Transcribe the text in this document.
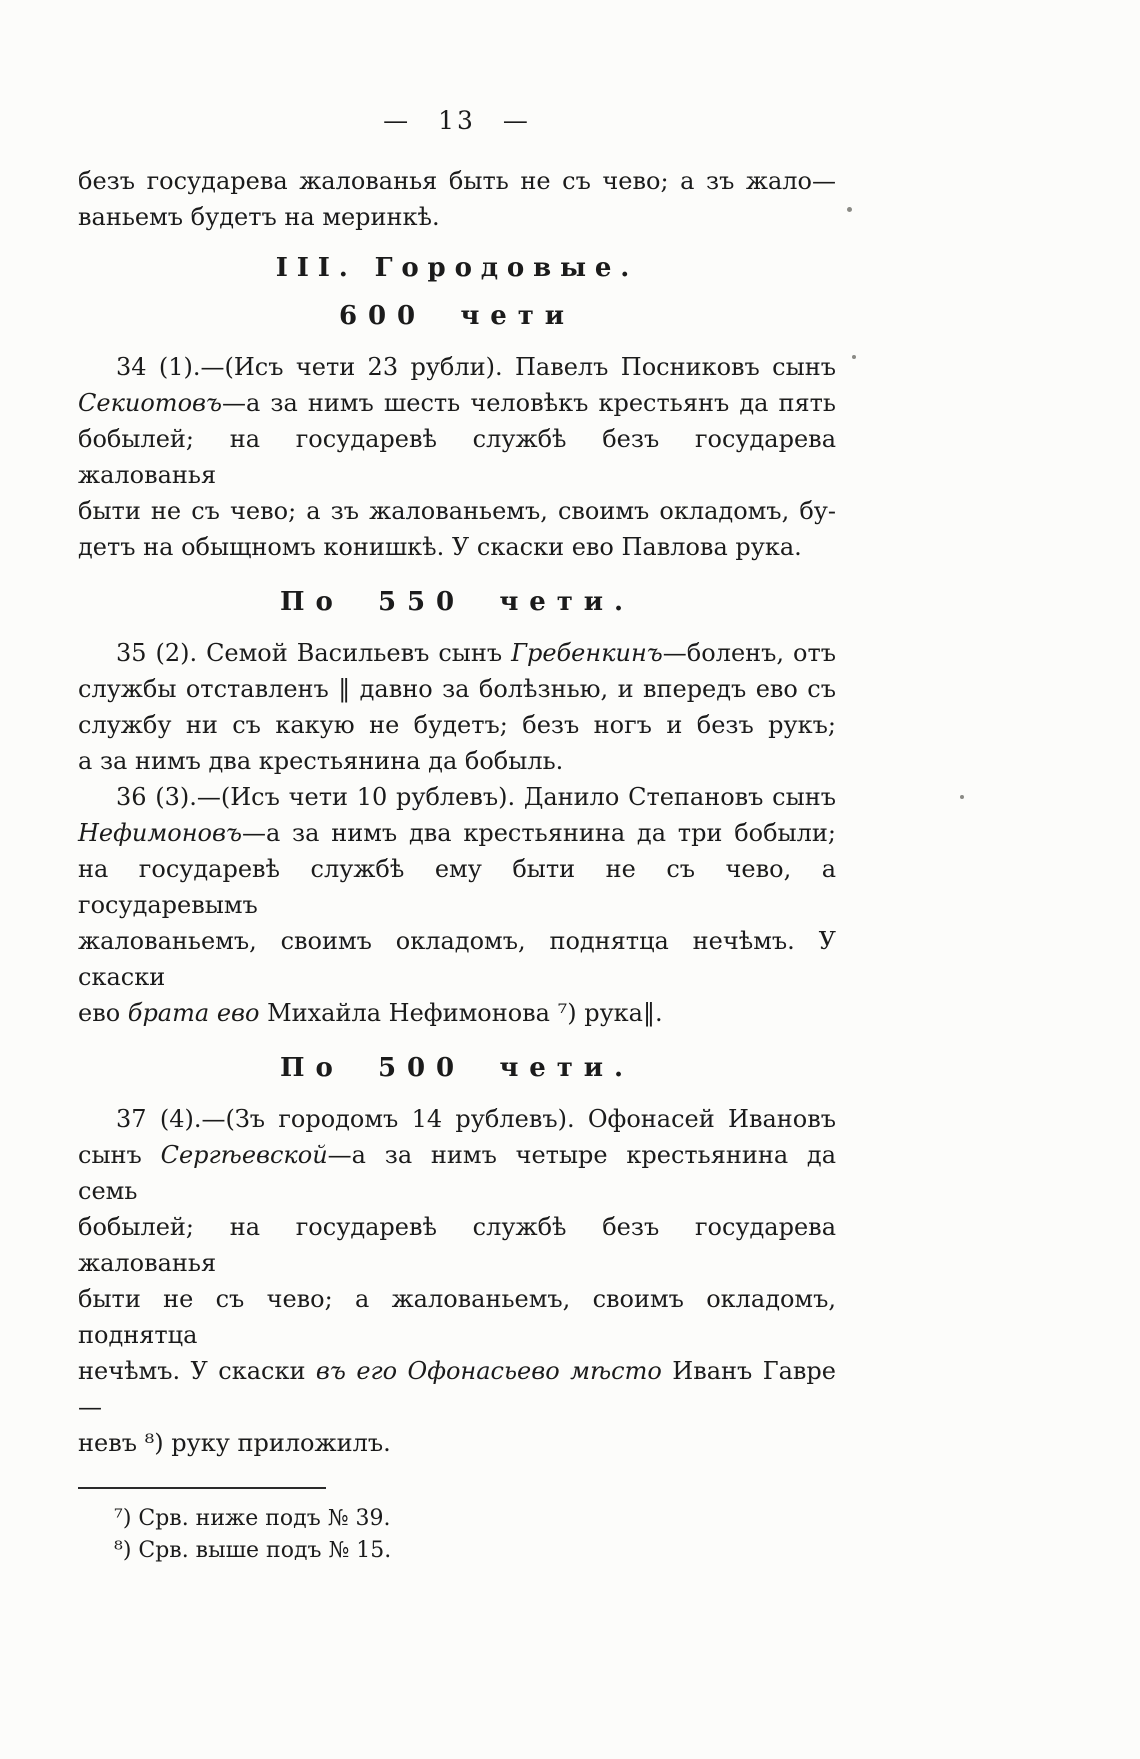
— 13 —
безъ государева жалованья быть не съ чево; а зъ жало—
ваньемъ будетъ на меринкѣ.
III. Городовые.
600 чети
34 (1).—(Исъ чети 23 рубли). Павелъ Посниковъ сынъ
Секиотовъ—а за нимъ шесть человѣкъ крестьянъ да пять
бобылей; на государевѣ службѣ безъ государева жалованья
быти не съ чево; а зъ жалованьемъ, своимъ окладомъ, бу-
детъ на обыщномъ конишкѣ. У скаски ево Павлова рука.
По 550 чети.
35 (2). Семой Васильевъ сынъ Гребенкинъ—боленъ, отъ
службы отставленъ ‖ давно за болѣзнью, и впередъ ево съ
службу ни съ какую не будетъ; безъ ногъ и безъ рукъ;
а за нимъ два крестьянина да бобыль.
36 (3).—(Исъ чети 10 рублевъ). Данило Степановъ сынъ
Нефимоновъ—а за нимъ два крестьянина да три бобыли;
на государевѣ службѣ ему быти не съ чево, а государевымъ
жалованьемъ, своимъ окладомъ, поднятца нечѣмъ. У скаски
ево брата ево Михайла Нефимонова ⁷) рука‖.
По 500 чети.
37 (4).—(Зъ городомъ 14 рублевъ). Офонасей Ивановъ
сынъ Сергѣевской—а за нимъ четыре крестьянина да семь
бобылей; на государевѣ службѣ безъ государева жалованья
быти не съ чево; а жалованьемъ, своимъ окладомъ, поднятца
нечѣмъ. У скаски въ его Офонасьево мѣсто Иванъ Гавре—
невъ ⁸) руку приложилъ.
⁷) Срв. ниже подъ № 39.
⁸) Срв. выше подъ № 15.
